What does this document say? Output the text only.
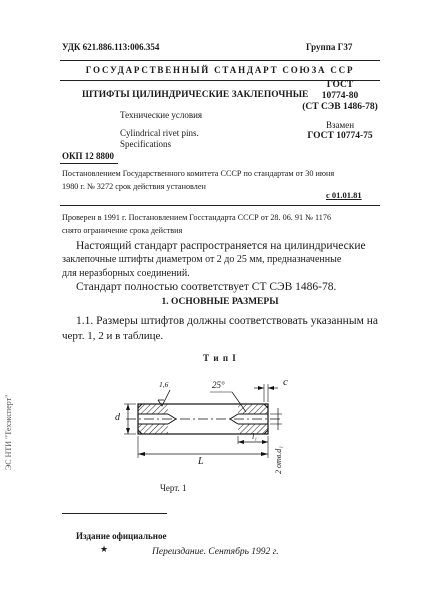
УДК 621.886.113:006.354	Группа Г37
ГОСУДАРСТВЕННЫЙ СТАНДАРТ СОЮЗА ССР
ШТИФТЫ ЦИЛИНДРИЧЕСКИЕ ЗАКЛЕПОЧНЫЕ
Технические условия
Cylindrical rivet pins.
Specifications
ГОСТ
10774-80
(СТ СЭВ 1486-78)
Взамен
ГОСТ 10774-75
ОКП 12 8800
Постановлением Государственного комитета СССР по стандартам от 30 июня
1980 г. № 3272 срок действия установлен
с 01.01.81
Проверен в 1991 г. Постановлением Госстандарта СССР от 28. 06. 91 № 1176
снято ограничение срока действия
Настоящий стандарт распространяется на цилиндрические
заклепочные штифты диаметром от 2 до 25 мм, предназначенные
для неразборных соединений.
Стандарт полностью соответствует СТ СЭВ 1486-78.
1. ОСНОВНЫЕ РАЗМЕРЫ
1.1. Размеры штифтов должны соответствовать указанным на
черт. 1, 2 и в таблице.
Т и п I
1,6	25°	c
d
l₁
L	2 отв.d₁
Черт. 1
Издание официальное
★	Переиздание. Сентябрь 1992 г.
ЭС НТИ "Техэксперт"
